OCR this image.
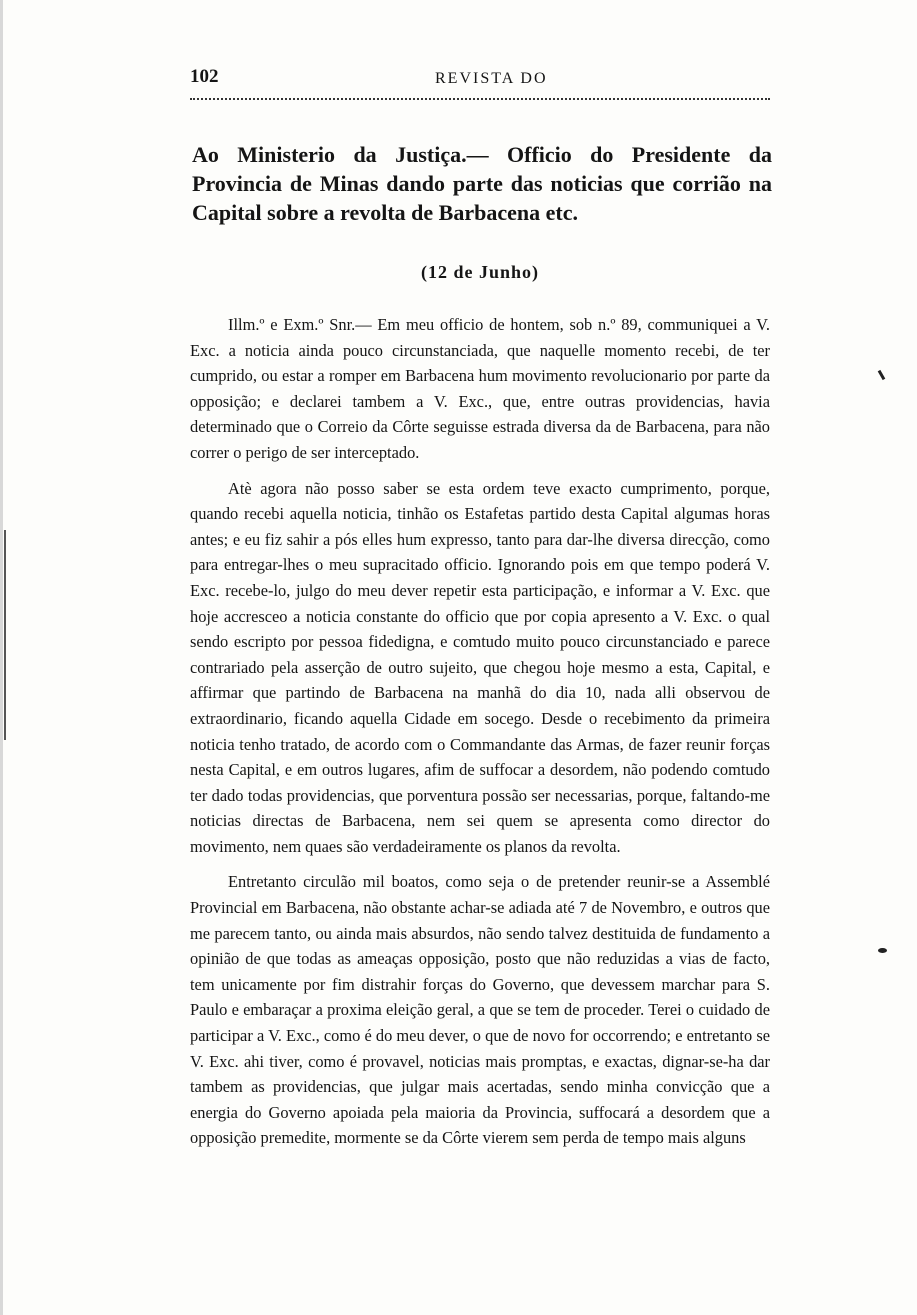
102	REVISTA DO
Ao Ministerio da Justiça.— Officio do Presidente da Provincia de Minas dando parte das noticias que corrião na Capital sobre a revolta de Barbacena etc.
(12 de Junho)

Illm.º e Exm.º Snr.— Em meu officio de hontem, sob n.º 89, communiquei a V. Exc. a noticia ainda pouco circunstanciada, que naquelle momento recebi, de ter cumprido, ou estar a romper em Barbacena hum movimento revolucionario por parte da opposição; e declarei tambem a V. Exc., que, entre outras providencias, havia determinado que o Correio da Côrte seguisse estrada diversa da de Barbacena, para não correr o perigo de ser interceptado.

Atè agora não posso saber se esta ordem teve exacto cumprimento, porque, quando recebi aquella noticia, tinhão os Estafetas partido desta Capital algumas horas antes; e eu fiz sahir a pós elles hum expresso, tanto para dar-lhe diversa direcção, como para entregar-lhes o meu supracitado officio. Ignorando pois em que tempo poderá V. Exc. recebe-lo, julgo do meu dever repetir esta participação, e informar a V. Exc. que hoje accresceo a noticia constante do officio que por copia apresento a V. Exc. o qual sendo escripto por pessoa fidedigna, e comtudo muito pouco circunstanciado e parece contrariado pela asserção de outro sujeito, que chegou hoje mesmo a esta, Capital, e affirmar que partindo de Barbacena na manhã do dia 10, nada alli observou de extraordinario, ficando aquella Cidade em socego. Desde o recebimento da primeira noticia tenho tratado, de acordo com o Commandante das Armas, de fazer reunir forças nesta Capital, e em outros lugares, afim de suffocar a desordem, não podendo comtudo ter dado todas providencias, que porventura possão ser necessarias, porque, faltando-me noticias directas de Barbacena, nem sei quem se apresenta como director do movimento, nem quaes são verdadeiramente os planos da revolta.

Entretanto circulão mil boatos, como seja o de pretender reunir-se a Assemblé Provincial em Barbacena, não obstante achar-se adiada até 7 de Novembro, e outros que me parecem tanto, ou ainda mais absurdos, não sendo talvez destituida de fundamento a opinião de que todas as ameaças opposição, posto que não reduzidas a vias de facto, tem unicamente por fim distrahir forças do Governo, que devessem marchar para S. Paulo e embaraçar a proxima eleição geral, a que se tem de proceder. Terei o cuidado de participar a V. Exc., como é do meu dever, o que de novo for occorrendo; e entretanto se V. Exc. ahi tiver, como é provavel, noticias mais promptas, e exactas, dignar-se-ha dar tambem as providencias, que julgar mais acertadas, sendo minha convicção que a energia do Governo apoiada pela maioria da Provincia, suffocará a desordem que a opposição premedite, mormente se da Côrte vierem sem perda de tempo mais alguns
